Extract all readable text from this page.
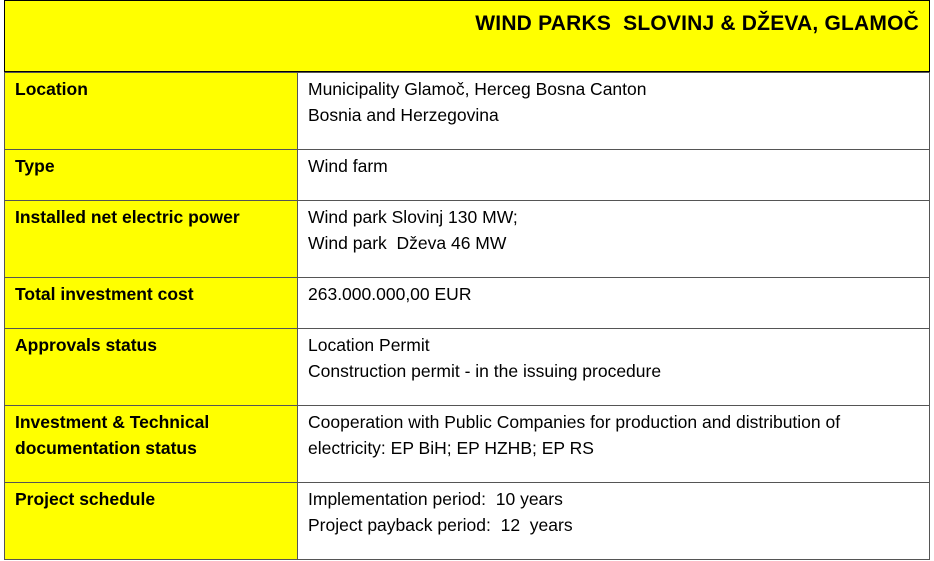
WIND PARKS  SLOVINJ & DŽEVA, GLAMOČ
Location	Municipality Glamoč, Herceg Bosna Canton
Bosnia and Herzegovina

Type	Wind farm

Installed net electric power	Wind park Slovinj 130 MW;
Wind park  Dževa 46 MW

Total investment cost	263.000.000,00 EUR

Approvals status	Location Permit
Construction permit - in the issuing procedure

Investment & Technical documentation status	Cooperation with Public Companies for production and distribution of
electricity: EP BiH; EP HZHB; EP RS

Project schedule	Implementation period:  10 years
Project payback period:  12  years
